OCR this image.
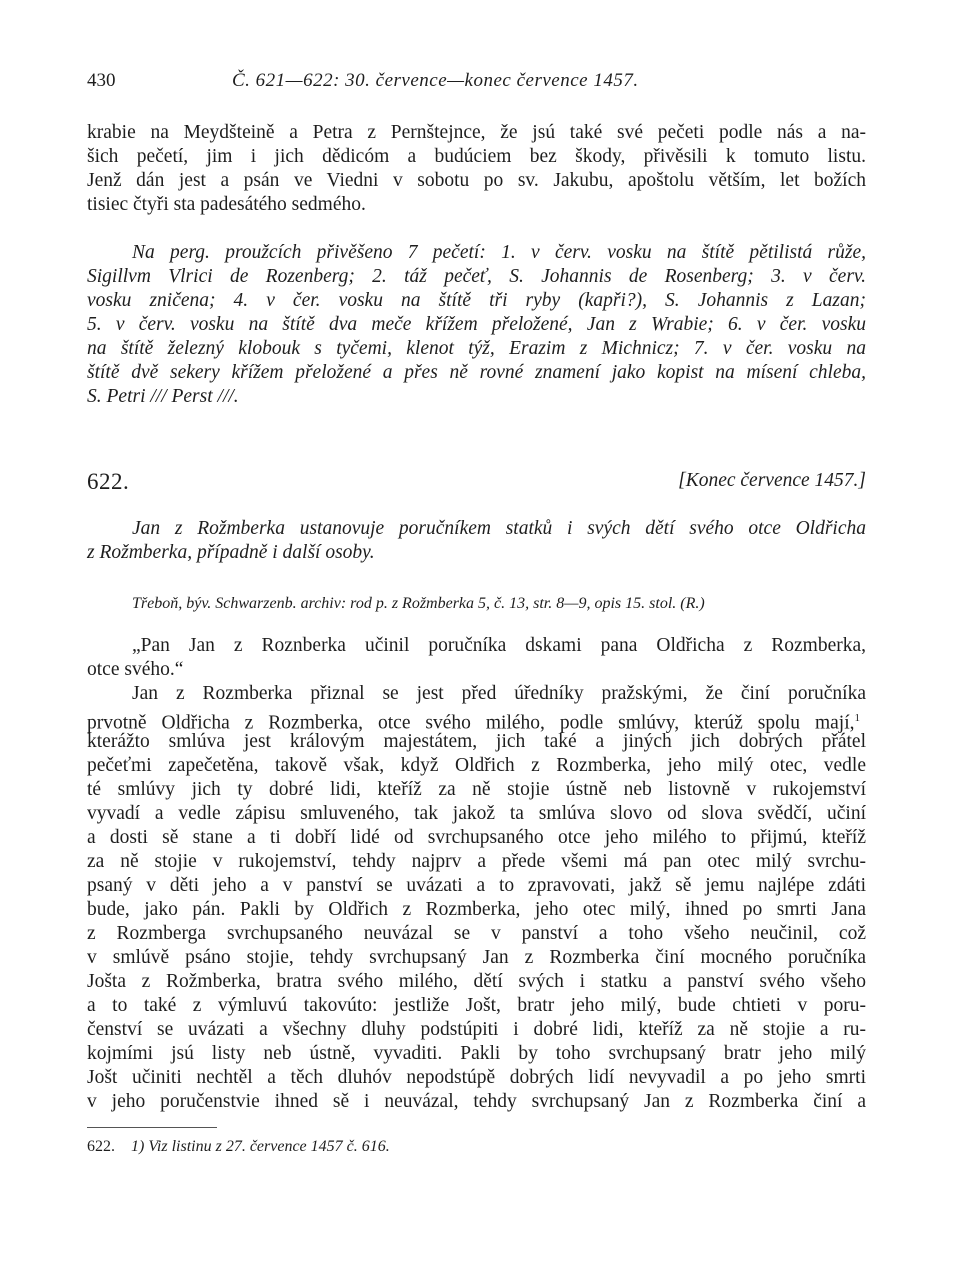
430	Č. 621—622: 30. července—konec července 1457.
krabie na Meydšteině a Petra z Pernštejnce, že jsú také své pečeti podle nás a na-
šich pečetí, jim i jich dědicóm a budúciem bez škody, přivěsili k tomuto listu.
Jenž dán jest a psán ve Viedni v sobotu po sv. Jakubu, apoštolu větším, let božích
tisiec čtyři sta padesátého sedmého.
Na perg. proužcích přivěšeno 7 pečetí: 1. v červ. vosku na štítě pětilistá růže,
Sigillvm Vlrici de Rozenberg; 2. táž pečeť, S. Johannis de Rosenberg; 3. v červ.
vosku zničena; 4. v čer. vosku na štítě tři ryby (kapři?), S. Johannis z Lazan;
5. v červ. vosku na štítě dva meče křížem přeložené, Jan z Wrabie; 6. v čer. vosku
na štítě železný klobouk s tyčemi, klenot týž, Erazim z Michnicz; 7. v čer. vosku na
štítě dvě sekery křížem přeložené a přes ně rovné znamení jako kopist na mísení chleba,
S. Petri /// Perst ///.
622.	[Konec července 1457.]
Jan z Rožmberka ustanovuje poručníkem statků i svých dětí svého otce Oldřicha
z Rožmberka, případně i další osoby.
Třeboň, býv. Schwarzenb. archiv: rod p. z Rožmberka 5, č. 13, str. 8—9, opis 15. stol. (R.)
„Pan Jan z Roznberka učinil poručníka dskami pana Oldřicha z Rozmberka,
otce svého.“
Jan z Rozmberka přiznal se jest před úředníky pražskými, že činí poručníka
prvotně Oldřicha z Rozmberka, otce svého milého, podle smlúvy, kterúž spolu mají,$^1$
kterážto smlúva jest královým majestátem, jich také a jiných jich dobrých přátel
pečeťmi zapečetěna, takově však, když Oldřich z Rozmberka, jeho milý otec, vedle
té smlúvy jich ty dobré lidi, kteříž za ně stojie ústně neb listovně v rukojemství
vyvadí a vedle zápisu smluveného, tak jakož ta smlúva slovo od slova svědčí, učiní
a dosti sě stane a ti dobří lidé od svrchupsaného otce jeho milého to přijmú, kteříž
za ně stojie v rukojemství, tehdy najprv a přede všemi má pan otec milý svrchu-
psaný v děti jeho a v panství se uvázati a to zpravovati, jakž sě jemu najlépe zdáti
bude, jako pán. Pakli by Oldřich z Rozmberka, jeho otec milý, ihned po smrti Jana
z Rozmberga svrchupsaného neuvázal se v panství a toho všeho neučinil, což
v smlúvě psáno stojie, tehdy svrchupsaný Jan z Rozmberka činí mocného poručníka
Jošta z Rožmberka, bratra svého milého, dětí svých i statku a panství svého všeho
a to také z výmluvú takovúto: jestliže Jošt, bratr jeho milý, bude chtieti v poru-
čenství se uvázati a všechny dluhy podstúpiti i dobré lidi, kteříž za ně stojie a ru-
kojmími jsú listy neb ústně, vyvaditi. Pakli by toho svrchupsaný bratr jeho milý
Jošt učiniti nechtěl a těch dluhóv nepodstúpě dobrých lidí nevyvadil a po jeho smrti
v jeho poručenstvie ihned sě i neuvázal, tehdy svrchupsaný Jan z Rozmberka činí a
622. 1) Viz listinu z 27. července 1457 č. 616.
